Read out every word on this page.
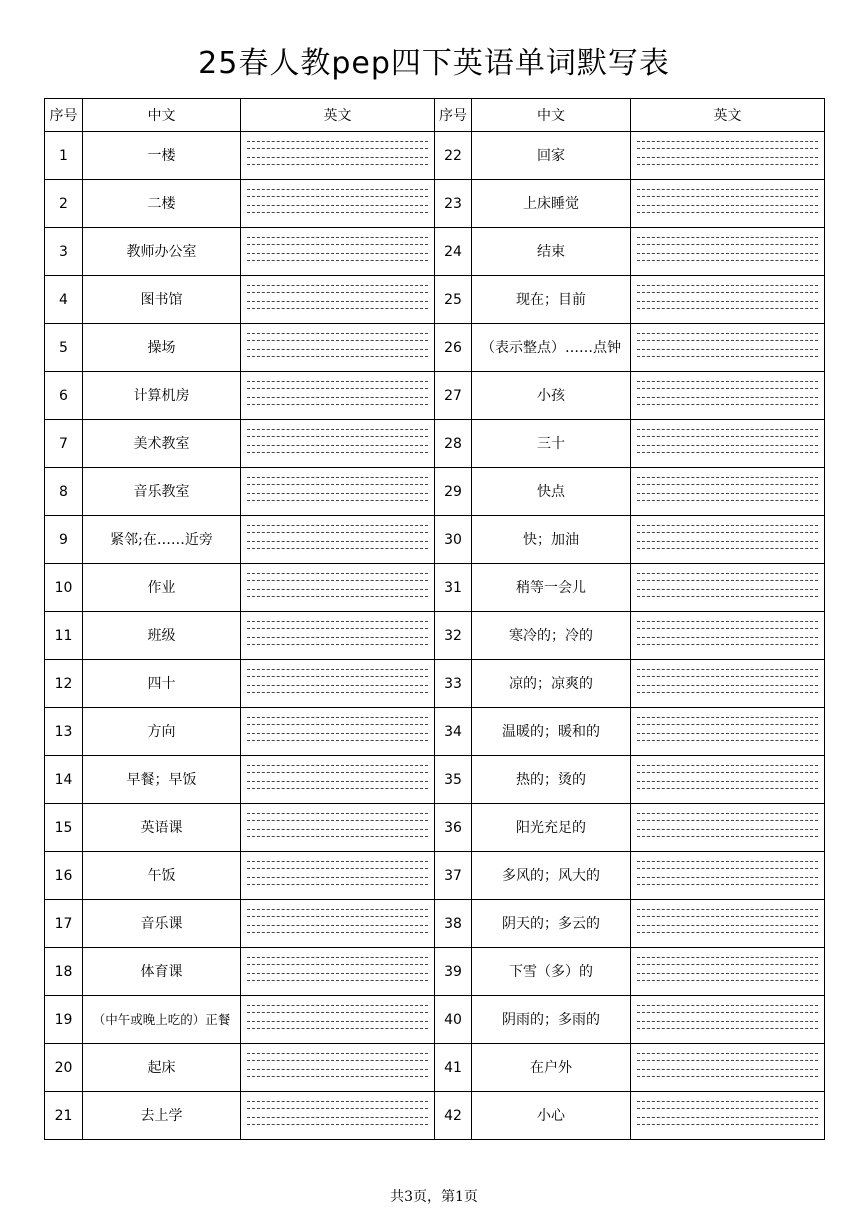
25春人教pep四下英语单词默写表
序号	中文	英文	序号	中文	英文
1	一楼		22	回家	

2	二楼		23	上床睡觉	

3	教师办公室		24	结束	

4	图书馆		25	现在；目前	

5	操场		26	（表示整点）……点钟	

6	计算机房		27	小孩	

7	美术教室		28	三十	

8	音乐教室		29	快点	

9	紧邻;在……近旁		30	快；加油	

10	作业		31	稍等一会儿	

11	班级		32	寒冷的；冷的	

12	四十		33	凉的；凉爽的	

13	方向		34	温暖的；暖和的	

14	早餐；早饭		35	热的；烫的	

15	英语课		36	阳光充足的	

16	午饭		37	多风的；风大的	

17	音乐课		38	阴天的；多云的	

18	体育课		39	下雪（多）的	

19	（中午或晚上吃的）正餐		40	阴雨的；多雨的	

20	起床		41	在户外	

21	去上学		42	小心	
共3页，第1页
